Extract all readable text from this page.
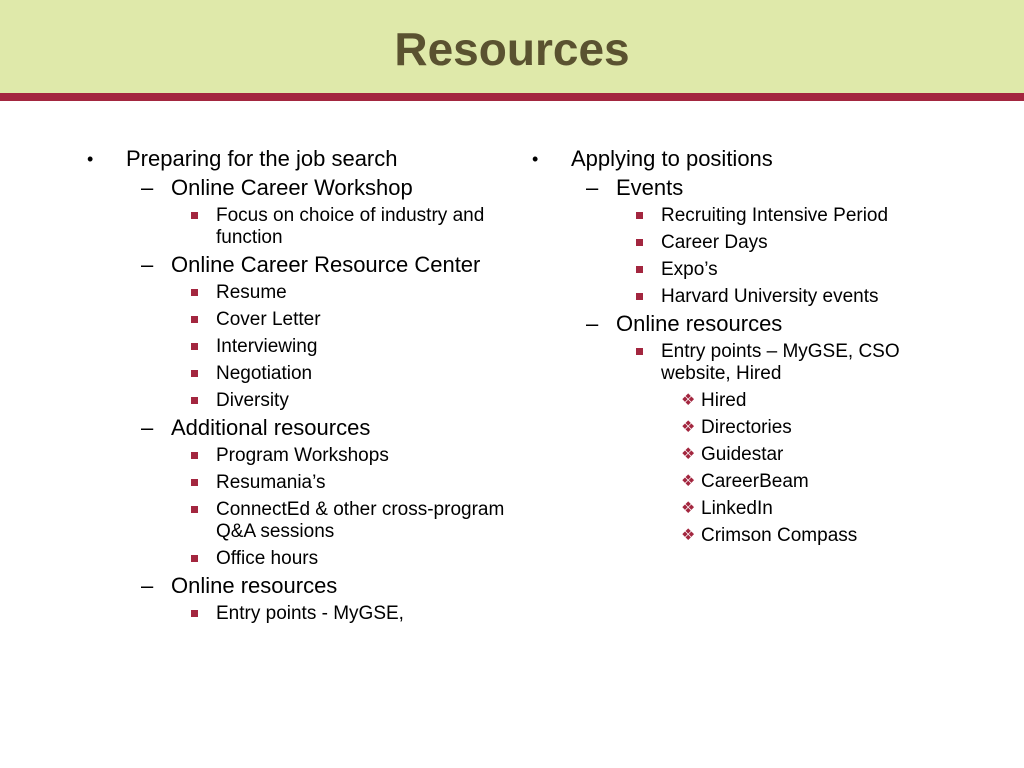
Resources
• Preparing for the job search
– Online Career Workshop
Focus on choice of industry and function
– Online Career Resource Center
Resume
Cover Letter
Interviewing
Negotiation
Diversity
– Additional resources
Program Workshops
Resumania’s
ConnectEd & other cross-program Q&A sessions
Office hours
– Online resources
Entry points - MyGSE,
• Applying to positions
– Events
Recruiting Intensive Period
Career Days
Expo’s
Harvard University events
– Online resources
Entry points – MyGSE, CSO website, Hired
❖ Hired
❖ Directories
❖ Guidestar
❖ CareerBeam
❖ LinkedIn
❖ Crimson Compass
